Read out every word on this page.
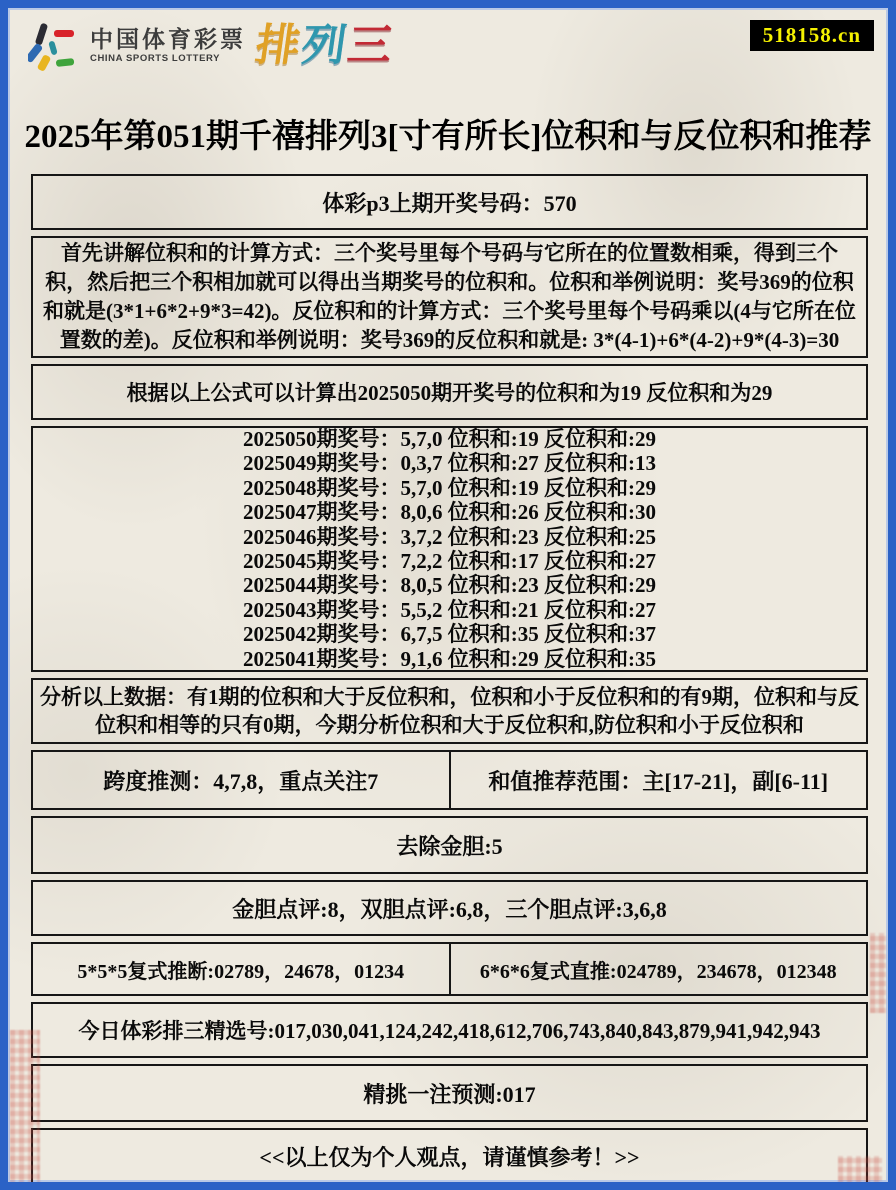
中国体育彩票
CHINA SPORTS LOTTERY 排列三	518158.cn
2025年第051期千禧排列3[寸有所长]位积和与反位积和推荐
体彩p3上期开奖号码：570
首先讲解位积和的计算方式：三个奖号里每个号码与它所在的位置数相乘，得到三个积，然后把三个积相加就可以得出当期奖号的位积和。位积和举例说明：奖号369的位积和就是(3*1+6*2+9*3=42)。反位积和的计算方式：三个奖号里每个号码乘以(4与它所在位置数的差)。反位积和举例说明：奖号369的反位积和就是: 3*(4-1)+6*(4-2)+9*(4-3)=30
根据以上公式可以计算出2025050期开奖号的位积和为19 反位积和为29
2025050期奖号：5,7,0 位积和:19 反位积和:29
2025049期奖号：0,3,7 位积和:27 反位积和:13
2025048期奖号：5,7,0 位积和:19 反位积和:29
2025047期奖号：8,0,6 位积和:26 反位积和:30
2025046期奖号：3,7,2 位积和:23 反位积和:25
2025045期奖号：7,2,2 位积和:17 反位积和:27
2025044期奖号：8,0,5 位积和:23 反位积和:29
2025043期奖号：5,5,2 位积和:21 反位积和:27
2025042期奖号：6,7,5 位积和:35 反位积和:37
2025041期奖号：9,1,6 位积和:29 反位积和:35
分析以上数据：有1期的位积和大于反位积和，位积和小于反位积和的有9期，位积和与反位积和相等的只有0期，今期分析位积和大于反位积和,防位积和小于反位积和
跨度推测：4,7,8，重点关注7	和值推荐范围：主[17-21]，副[6-11]
去除金胆:5
金胆点评:8，双胆点评:6,8，三个胆点评:3,6,8
5*5*5复式推断:02789，24678，01234	6*6*6复式直推:024789，234678，012348
今日体彩排三精选号:017,030,041,124,242,418,612,706,743,840,843,879,941,942,943
精挑一注预测:017
<<以上仅为个人观点，请谨慎参考！>>
